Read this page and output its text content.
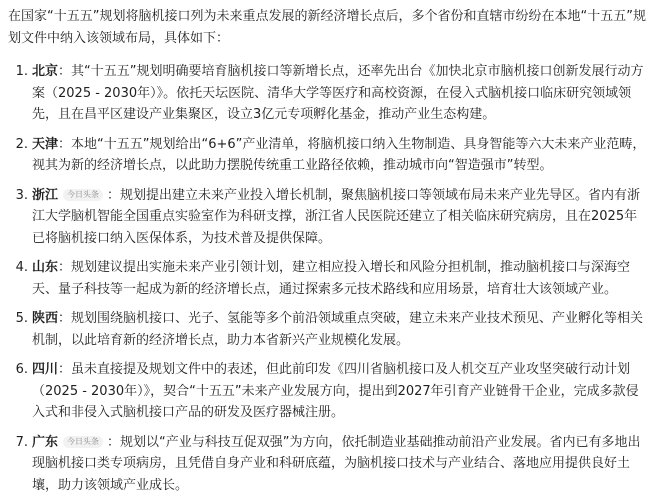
在国家“十五五”规划将脑机接口列为未来重点发展的新经济增长点后，多个省份和直辖市纷纷在本地“十五五”规划文件中纳入该领域布局，具体如下：

1. 北京：其“十五五”规划明确要培育脑机接口等新增长点，还率先出台《加快北京市脑机接口创新发展行动方案（2025 - 2030年）》。依托天坛医院、清华大学等医疗和高校资源，在侵入式脑机接口临床研究领域领先，且在昌平区建设产业集聚区，设立3亿元专项孵化基金，推动产业生态构建。
2. 天津：本地“十五五”规划给出“6+6”产业清单，将脑机接口纳入生物制造、具身智能等六大未来产业范畴，视其为新的经济增长点，以此助力摆脱传统重工业路径依赖，推动城市向“智造强市”转型。
3. 浙江 今日头条 ：规划提出建立未来产业投入增长机制，聚焦脑机接口等领域布局未来产业先导区。省内有浙江大学脑机智能全国重点实验室作为科研支撑，浙江省人民医院还建立了相关临床研究病房，且在2025年已将脑机接口纳入医保体系，为技术普及提供保障。
4. 山东：规划建议提出实施未来产业引领计划，建立相应投入增长和风险分担机制，推动脑机接口与深海空天、量子科技等一起成为新的经济增长点，通过探索多元技术路线和应用场景，培育壮大该领域产业。
5. 陕西：规划围绕脑机接口、光子、氢能等多个前沿领域重点突破，建立未来产业技术预见、产业孵化等相关机制，以此培育新的经济增长点，助力本省新兴产业规模化发展。
6. 四川：虽未直接提及规划文件中的表述，但此前印发《四川省脑机接口及人机交互产业攻坚突破行动计划（2025 - 2030年）》，契合“十五五”未来产业发展方向，提出到2027年引育产业链骨干企业，完成多款侵入式和非侵入式脑机接口产品的研发及医疗器械注册。
7. 广东 今日头条 ：规划以“产业与科技互促双强”为方向，依托制造业基础推动前沿产业发展。省内已有多地出现脑机接口类专项病房，且凭借自身产业和科研底蕴，为脑机接口技术与产业结合、落地应用提供良好土壤，助力该领域产业成长。
